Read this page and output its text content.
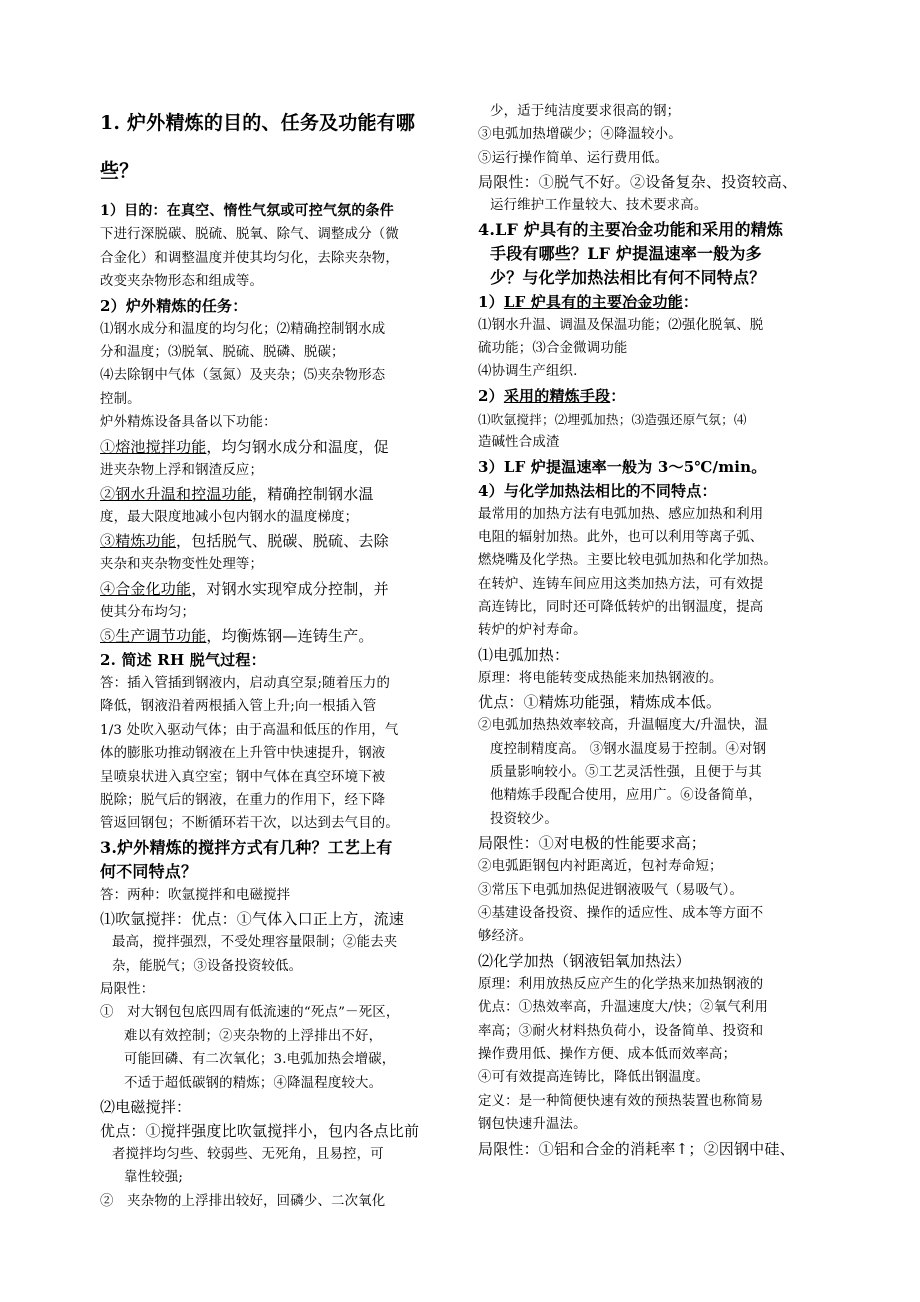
1. 炉外精炼的目的、任务及功能有哪
些？
1）目的：在真空、惰性气氛或可控气氛的条件
下进行深脱碳、脱硫、脱氧、除气、调整成分（微
合金化）和调整温度并使其均匀化，去除夹杂物，
改变夹杂物形态和组成等。
2）炉外精炼的任务：
⑴钢水成分和温度的均匀化；⑵精确控制钢水成
分和温度；⑶脱氧、脱硫、脱磷、脱碳；
⑷去除钢中气体（氢氮）及夹杂；⑸夹杂物形态
控制。
炉外精炼设备具备以下功能：
①熔池搅拌功能，均匀钢水成分和温度，促
进夹杂物上浮和钢渣反应；
②钢水升温和控温功能，精确控制钢水温
度，最大限度地减小包内钢水的温度梯度；
③精炼功能，包括脱气、脱碳、脱硫、去除
夹杂和夹杂物变性处理等；
④合金化功能，对钢水实现窄成分控制，并
使其分布均匀；
⑤生产调节功能，均衡炼钢—连铸生产。
2. 简述 RH 脱气过程：
答：插入管插到钢液内，启动真空泵;随着压力的
降低，钢液沿着两根插入管上升;向一根插入管
1/3 处吹入驱动气体；由于高温和低压的作用，气
体的膨胀功推动钢液在上升管中快速提升，钢液
呈喷泉状进入真空室；钢中气体在真空环境下被
脱除；脱气后的钢液，在重力的作用下，经下降
管返回钢包；不断循环若干次，以达到去气目的。
3.炉外精炼的搅拌方式有几种？工艺上有
何不同特点？
答：两种：吹氩搅拌和电磁搅拌
⑴吹氩搅拌：优点：①气体入口正上方，流速
最高，搅拌强烈，不受处理容量限制；②能去夹
杂，能脱气；③设备投资较低。
局限性：
①　对大钢包包底四周有低流速的“死点”－死区，
难以有效控制；②夹杂物的上浮排出不好，
可能回磷、有二次氧化；3.电弧加热会增碳，
不适于超低碳钢的精炼；④降温程度较大。
⑵电磁搅拌：
优点：①搅拌强度比吹氩搅拌小，包内各点比前
者搅拌均匀些、较弱些、无死角，且易控，可
靠性较强;
②　夹杂物的上浮排出较好，回磷少、二次氧化
少，适于纯洁度要求很高的钢；
③电弧加热增碳少；④降温较小。
⑤运行操作简单、运行费用低。
局限性：①脱气不好。②设备复杂、投资较高、
运行维护工作量较大、技术要求高。
4.LF 炉具有的主要冶金功能和采用的精炼
手段有哪些？LF 炉提温速率一般为多
少？与化学加热法相比有何不同特点？
1）LF 炉具有的主要冶金功能：
⑴钢水升温、调温及保温功能；⑵强化脱氧、脱
硫功能；⑶合金微调功能
⑷协调生产组织.
2）采用的精炼手段：
⑴吹氩搅拌；⑵埋弧加热；⑶造强还原气氛；⑷
造碱性合成渣
3）LF 炉提温速率一般为 3～5℃/min。
4）与化学加热法相比的不同特点：
最常用的加热方法有电弧加热、感应加热和利用
电阻的辐射加热。此外，也可以利用等离子弧、
燃烧嘴及化学热。主要比较电弧加热和化学加热。
在转炉、连铸车间应用这类加热方法，可有效提
高连铸比，同时还可降低转炉的出钢温度，提高
转炉的炉衬寿命。
⑴电弧加热：
原理：将电能转变成热能来加热钢液的。
优点：①精炼功能强，精炼成本低。
②电弧加热热效率较高，升温幅度大/升温快，温
度控制精度高。 ③钢水温度易于控制。④对钢
质量影响较小。⑤工艺灵活性强，且便于与其
他精炼手段配合使用，应用广。⑥设备简单，
投资较少。
局限性：①对电极的性能要求高；
②电弧距钢包内衬距离近，包衬寿命短；
③常压下电弧加热促进钢液吸气（易吸气）。
④基建设备投资、操作的适应性、成本等方面不
够经济。
⑵化学加热（钢液铝氧加热法）
原理：利用放热反应产生的化学热来加热钢液的
优点：①热效率高，升温速度大/快；②氧气利用
率高；③耐火材料热负荷小，设备简单、投资和
操作费用低、操作方便、成本低而效率高；
④可有效提高连铸比，降低出钢温度。
定义：是一种简便快速有效的预热装置也称简易
钢包快速升温法。
局限性：①铝和合金的消耗率↑；②因钢中硅、
